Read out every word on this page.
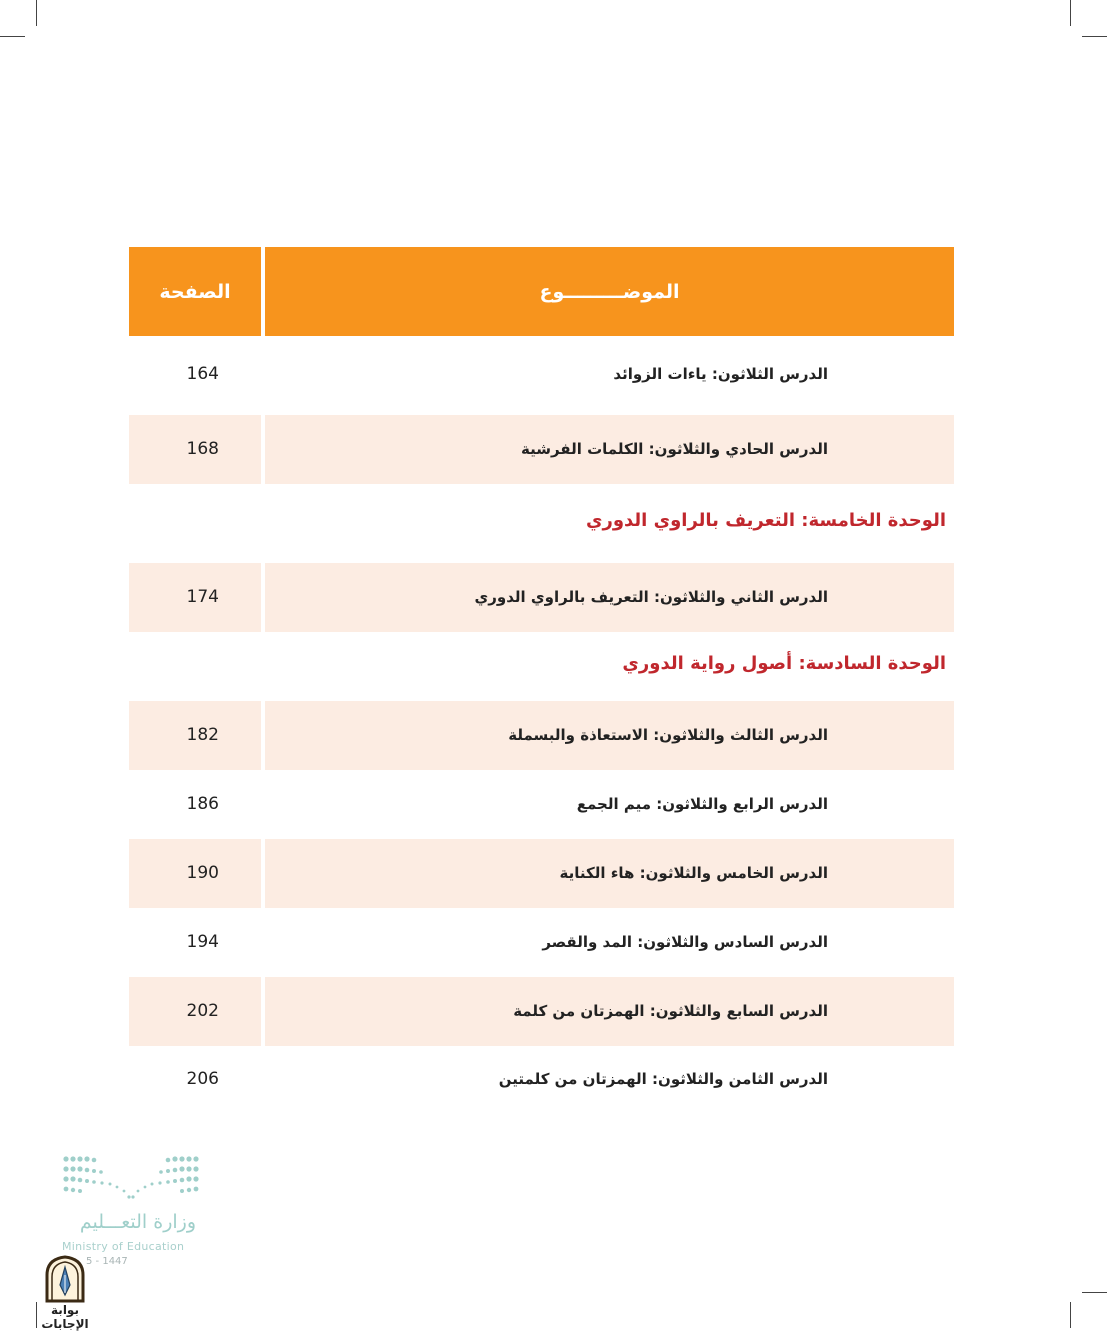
الصفحة	الموضـــــــــوع
164	الدرس الثلاثون: ياءات الزوائد
168	الدرس الحادي والثلاثون: الكلمات الفرشية
الوحدة الخامسة: التعريف بالراوي الدوري
174	الدرس الثاني والثلاثون: التعريف بالراوي الدوري
الوحدة السادسة: أصول رواية الدوري
182	الدرس الثالث والثلاثون: الاستعاذة والبسملة
186	الدرس الرابع والثلاثون: ميم الجمع
190	الدرس الخامس والثلاثون: هاء الكناية
194	الدرس السادس والثلاثون: المد والقصر
202	الدرس السابع والثلاثون: الهمزتان من كلمة
206	الدرس الثامن والثلاثون: الهمزتان من كلمتين
وزارة التعـــليم
Ministry of Education
5 - 1447
بوابة الإجابات
